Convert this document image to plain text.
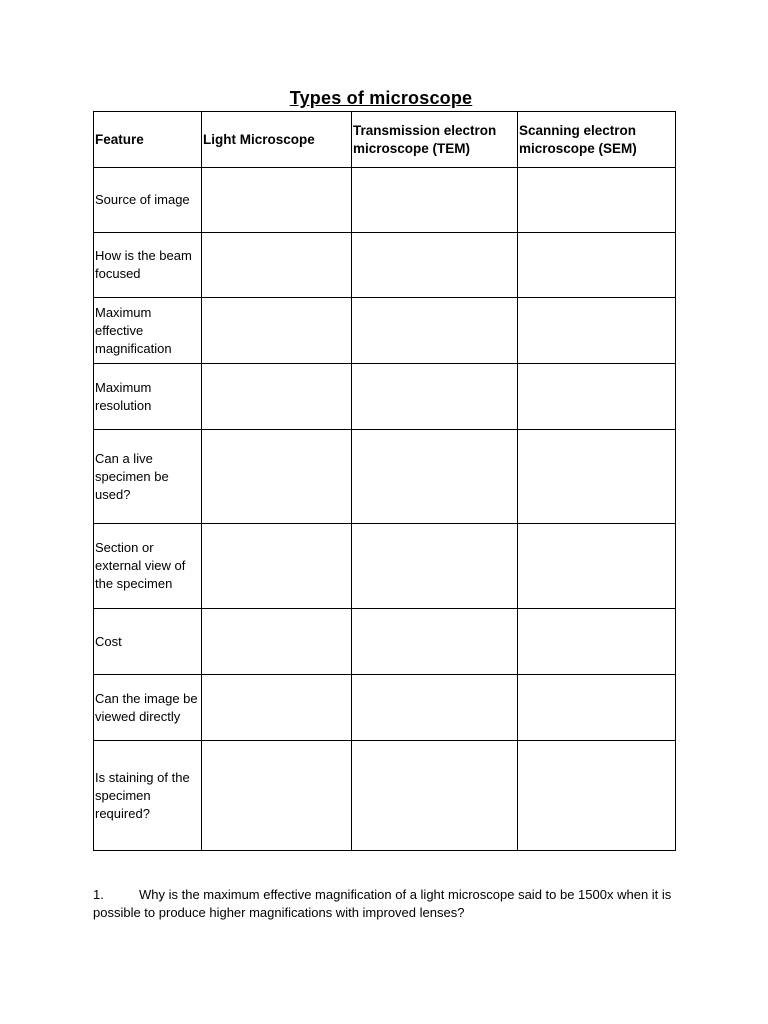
Types of microscope
Feature	Light Microscope	Transmission electron microscope (TEM)	Scanning electron microscope (SEM)
Source of image			
How is the beam focused			
Maximum effective magnification			
Maximum resolution			
Can a live specimen be used?			
Section or external view of the specimen			
Cost			
Can the image be viewed directly			
Is staining of the specimen required?			
1.	Why is the maximum effective magnification of a light microscope said to be 1500x when it is possible to produce higher magnifications with improved lenses?
